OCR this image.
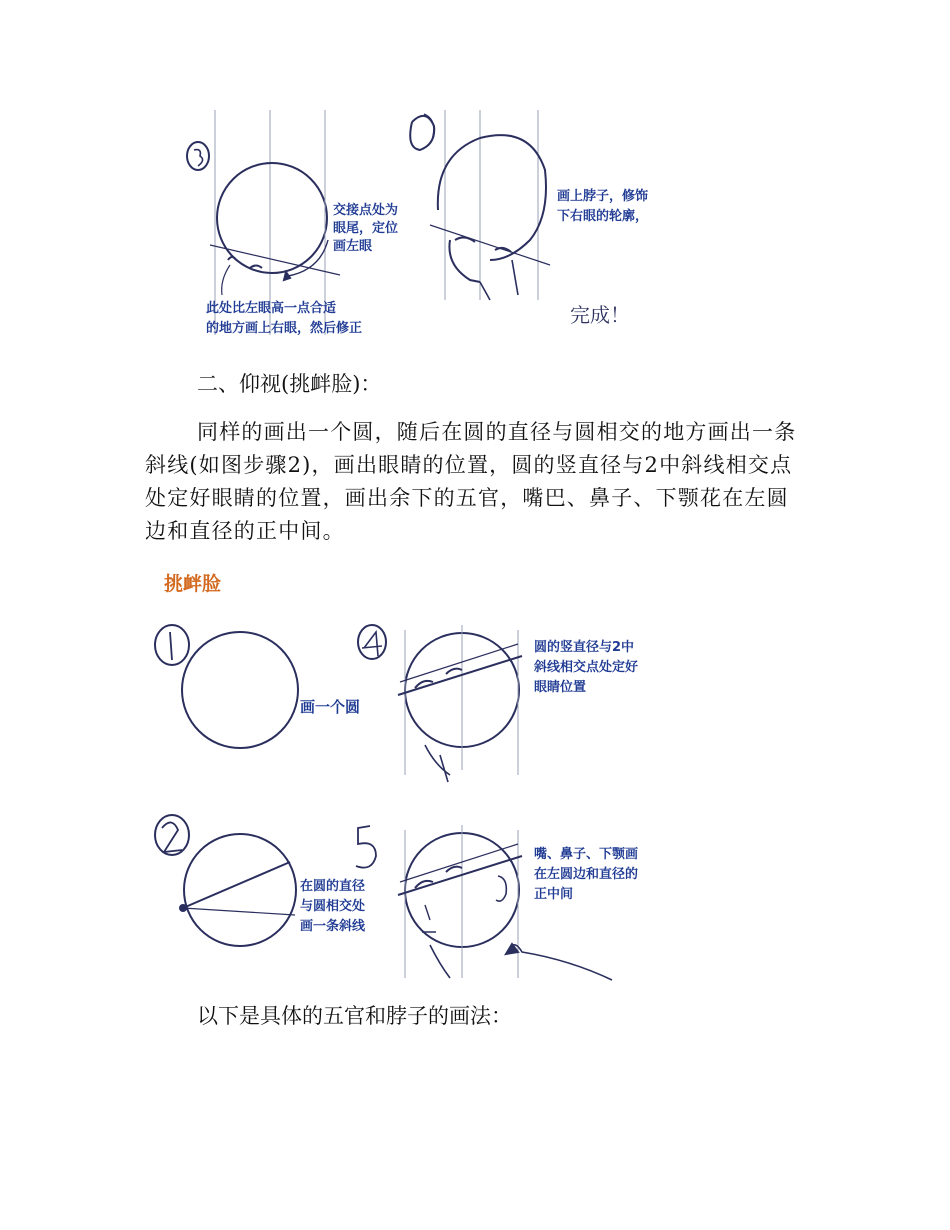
交接点处为
眼尾，定位
画左眼
此处比左眼高一点合适
的地方画上右眼，然后修正
画上脖子，修饰
下右眼的轮廓，
完成！
二、仰视(挑衅脸)：
同样的画出一个圆，随后在圆的直径与圆相交的地方画出一条斜线(如图步骤2)，画出眼睛的位置，圆的竖直径与2中斜线相交点处定好眼睛的位置，画出余下的五官，嘴巴、鼻子、下颚花在左圆边和直径的正中间。
挑衅脸
画一个圆
圆的竖直径与2中
斜线相交点处定好
眼睛位置
在圆的直径
与圆相交处
画一条斜线
嘴、鼻子、下颚画
在左圆边和直径的
正中间
以下是具体的五官和脖子的画法：
